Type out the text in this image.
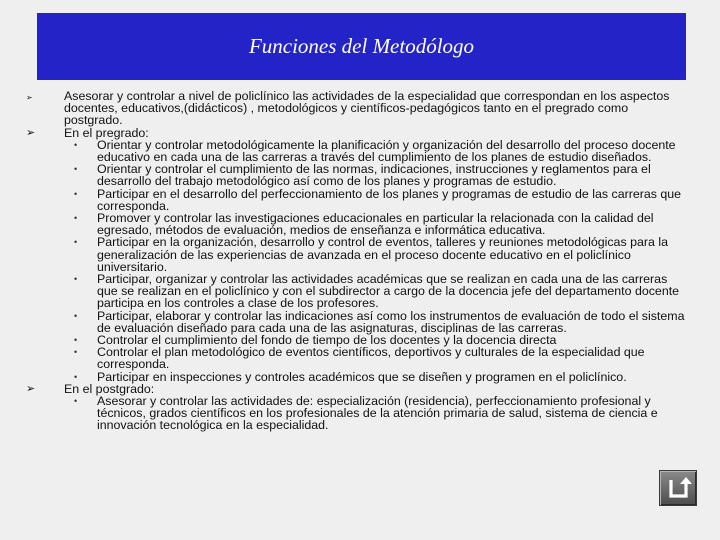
Funciones del Metodólogo
➢	Asesorar y controlar a nivel de policlínico las actividades de la especialidad que correspondan en los aspectos docentes, educativos,(didácticos) , metodológicos y científicos-pedagógicos tanto en el pregrado como postgrado.
➢ En el pregrado:
• Orientar y controlar metodológicamente la planificación y organización del desarrollo del proceso docente educativo en cada una de las carreras a través del cumplimiento de los planes de estudio diseñados.
• Orientar y controlar el cumplimiento de las normas, indicaciones, instrucciones y reglamentos para el desarrollo del trabajo metodológico así como de los planes y programas de estudio.
• Participar en el desarrollo del perfeccionamiento de los planes y programas de estudio de las carreras que corresponda.
• Promover y controlar las investigaciones educacionales en particular la relacionada con la calidad del egresado, métodos de evaluación, medios de enseñanza e informática educativa.
• Participar en la organización, desarrollo y control de eventos, talleres y reuniones metodológicas para la generalización de las experiencias de avanzada en el proceso docente educativo en el policlínico universitario.
• Participar, organizar y controlar las actividades académicas que se realizan en cada una de las carreras que se realizan en el policlínico y con el subdirector a cargo de la docencia jefe del departamento docente participa en los controles a clase de los profesores.
• Participar, elaborar y controlar las indicaciones así como los instrumentos de evaluación de todo el sistema de evaluación diseñado para cada una de las asignaturas, disciplinas de las carreras.
• Controlar el cumplimiento del fondo de tiempo de los docentes y la docencia directa
• Controlar el plan metodológico de eventos científicos, deportivos y culturales de la especialidad que corresponda.
• Participar en inspecciones y controles académicos que se diseñen y programen en el policlínico.
➢ En el postgrado:
• Asesorar y controlar las actividades de: especialización (residencia), perfeccionamiento profesional y técnicos, grados científicos en los profesionales de la atención primaria de salud, sistema de ciencia e innovación tecnológica en la especialidad.
